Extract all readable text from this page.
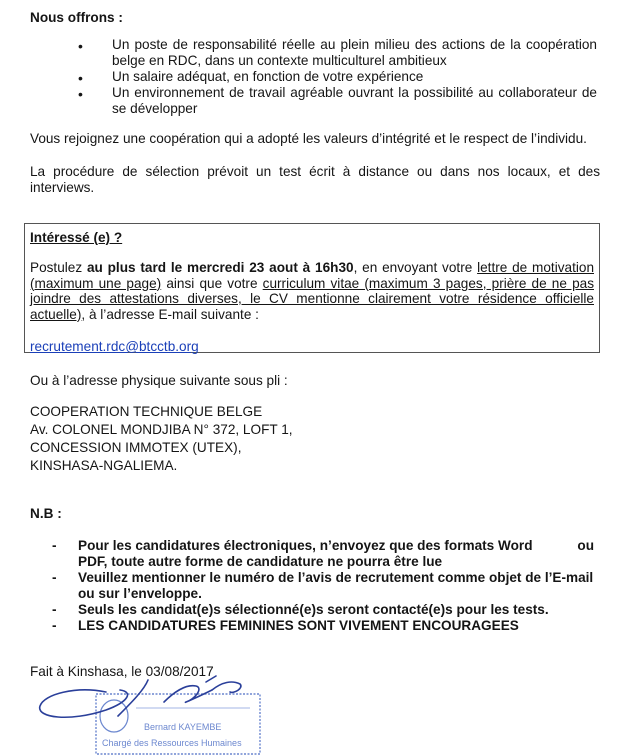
Nous offrons :
• Un poste de responsabilité réelle au plein milieu des actions de la coopération
belge en RDC, dans un contexte multiculturel ambitieux
• Un salaire adéquat, en fonction de votre expérience
• Un environnement de travail agréable ouvrant la possibilité au collaborateur de
se développer
Vous rejoignez une coopération qui a adopté les valeurs d’intégrité et le respect de l’individu.
La procédure de sélection prévoit un test écrit à distance ou dans nos locaux, et des
interviews.
Intéressé (e) ?
Postulez au plus tard le mercredi 23 aout à 16h30, en envoyant votre lettre de motivation
(maximum une page) ainsi que votre curriculum vitae (maximum 3 pages, prière de ne pas
joindre des attestations diverses, le CV mentionne clairement votre résidence officielle
actuelle), à l’adresse E-mail suivante :
recrutement.rdc@btcctb.org
Ou à l’adresse physique suivante sous pli :
COOPERATION TECHNIQUE BELGE
Av. COLONEL MONDJIBA N° 372, LOFT 1,
CONCESSION IMMOTEX (UTEX),
KINSHASA-NGALIEMA.
N.B :
- Pour les candidatures électroniques, n’envoyez que des formats Word	ou
PDF, toute autre forme de candidature ne pourra être lue
- Veuillez mentionner le numéro de l’avis de recrutement comme objet de l’E-mail
ou sur l’enveloppe.
- Seuls les candidat(e)s sélectionné(e)s seront contacté(e)s pour les tests.
- LES CANDIDATURES FEMININES SONT VIVEMENT ENCOURAGEES
Fait à Kinshasa, le 03/08/2017
Bernard KAYEMBE
Chargé des Ressources Humaines
